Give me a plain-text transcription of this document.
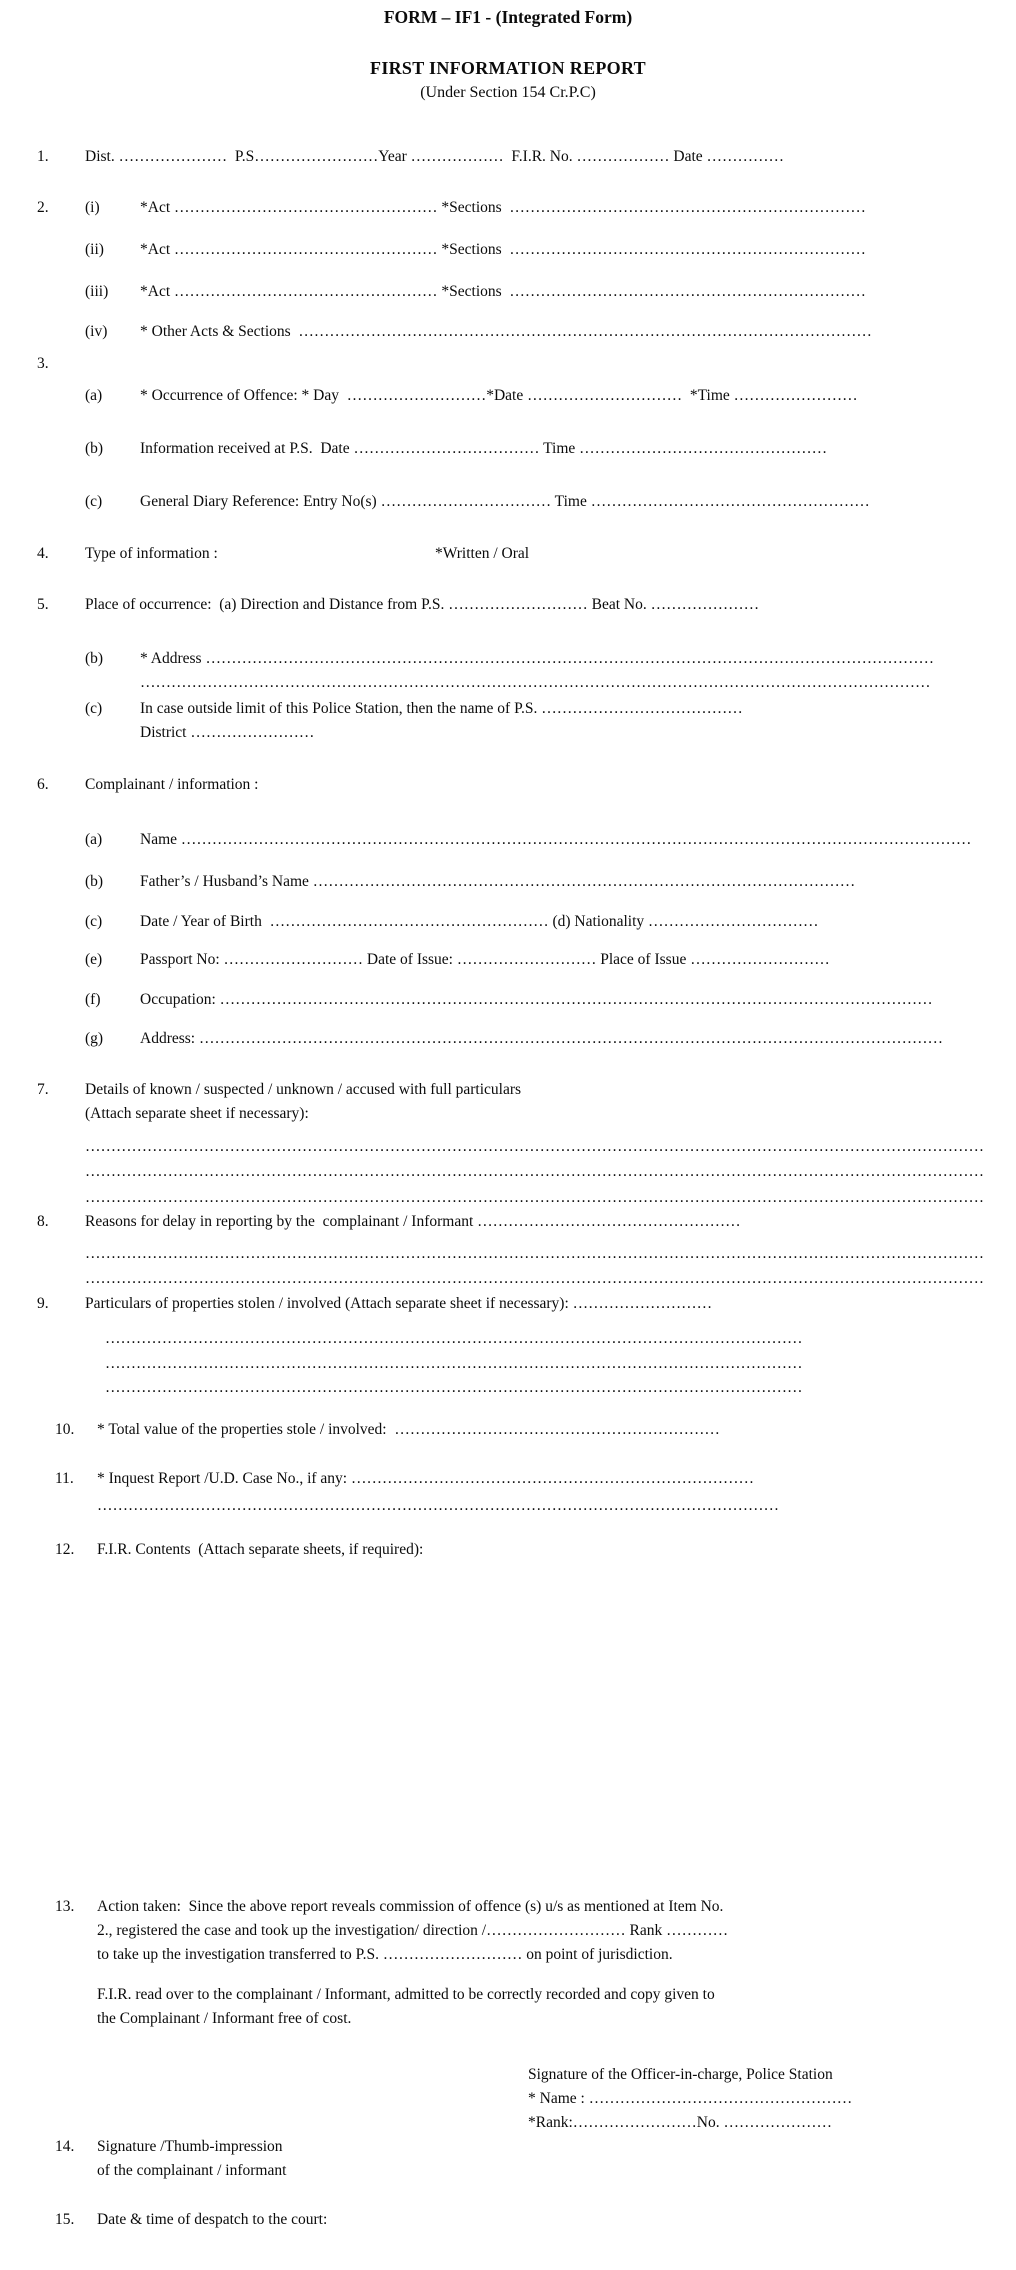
FORM – IF1 - (Integrated Form)
FIRST INFORMATION REPORT
(Under Section 154 Cr.P.C)
1. Dist. …………………  P.S……………………Year ………………  F.I.R. No. ……………… Date ……………
2. (i)	*Act …………………………………………… *Sections  ……………………………………………………………
(ii) *Act …………………………………………… *Sections  ……………………………………………………………
(iii) *Act …………………………………………… *Sections  ……………………………………………………………
(iv) * Other Acts & Sections  …………………………………………………………………………………………………
3.
(a) * Occurrence of Offence: * Day  ………………………*Date …………………………  *Time ……………………
(b) Information received at P.S.  Date ……………………………… Time …………………………………………
(c) General Diary Reference: Entry No(s) …………………………… Time ………………………………………………
4. Type of information :	*Written / Oral
5. Place of occurrence:  (a) Direction and Distance from P.S. ……………………… Beat No. …………………
(b) * Address ……………………………………………………………………………………………………………………………
………………………………………………………………………………………………………………………………………
(c) In case outside limit of this Police Station, then the name of P.S. …………………………………
District ……………………
6. Complainant / information :
(a) Name ………………………………………………………………………………………………………………………………………
(b) Father’s / Husband’s Name ……………………………………………………………………………………………
(c) Date / Year of Birth  ……………………………………………… (d) Nationality ……………………………
(e) Passport No: ……………………… Date of Issue: ……………………… Place of Issue ………………………
(f)	Occupation: …………………………………………………………………………………………………………………………
(g) Address: ………………………………………………………………………………………………………………………………
7. Details of known / suspected / unknown / accused with full particulars
(Attach separate sheet if necessary):
…………………………………………………………………………………………………………………………………………………………
…………………………………………………………………………………………………………………………………………………………
…………………………………………………………………………………………………………………………………………………………
8. Reasons for delay in reporting by the  complainant / Informant ……………………………………………
…………………………………………………………………………………………………………………………………………………………
…………………………………………………………………………………………………………………………………………………………
9. Particulars of properties stolen / involved (Attach separate sheet if necessary): ………………………
………………………………………………………………………………………………………………………
………………………………………………………………………………………………………………………
………………………………………………………………………………………………………………………
10. * Total value of the properties stole / involved:  ………………………………………………………
11. * Inquest Report /U.D. Case No., if any: ……………………………………………………………………
……………………………………………………………………………………………………………………
12. F.I.R. Contents  (Attach separate sheets, if required):
13. Action taken:  Since the above report reveals commission of offence (s) u/s as mentioned at Item No.
2., registered the case and took up the investigation/ direction /……………………… Rank …………
to take up the investigation transferred to P.S. ……………………… on point of jurisdiction.
F.I.R. read over to the complainant / Informant, admitted to be correctly recorded and copy given to
the Complainant / Informant free of cost.
Signature of the Officer-in-charge, Police Station
* Name : ……………………………………………
*Rank:……………………No. …………………
14. Signature /Thumb-impression
of the complainant / informant
15. Date & time of despatch to the court:
